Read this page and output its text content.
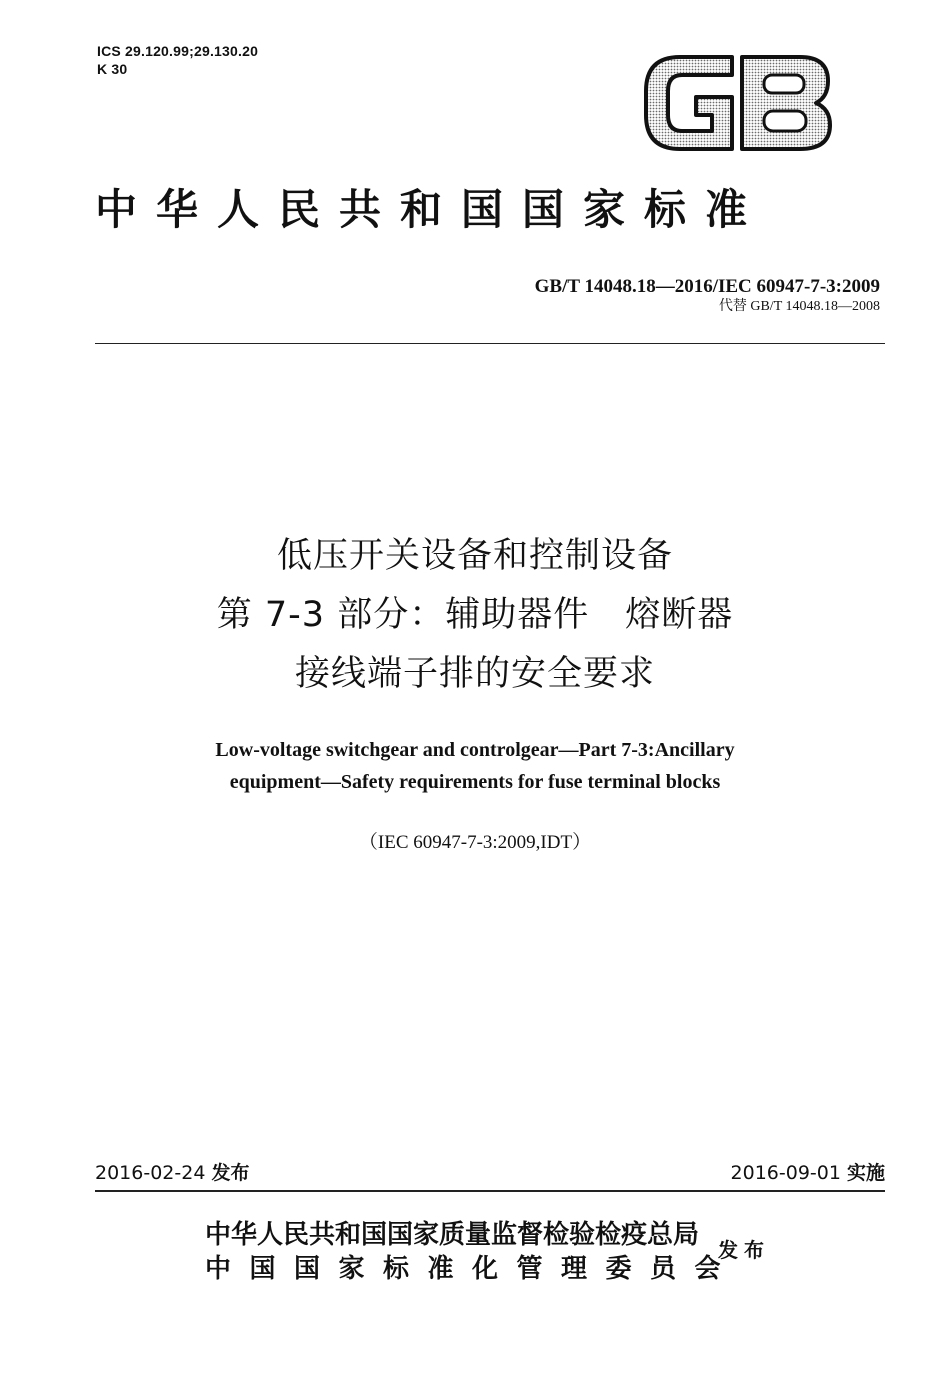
ICS 29.120.99;29.130.20
K 30
中华人民共和国国家标准
GB/T 14048.18—2016/IEC 60947-7-3:2009
代替 GB/T 14048.18—2008
低压开关设备和控制设备
第 7-3 部分：辅助器件　熔断器
接线端子排的安全要求
Low-voltage switchgear and controlgear—Part 7-3:Ancillary
equipment—Safety requirements for fuse terminal blocks
（IEC 60947-7-3:2009,IDT）
2016-02-24 发布	2016-09-01 实施
中华人民共和国国家质量监督检验检疫总局
中国国家标准化管理委员会
发布
